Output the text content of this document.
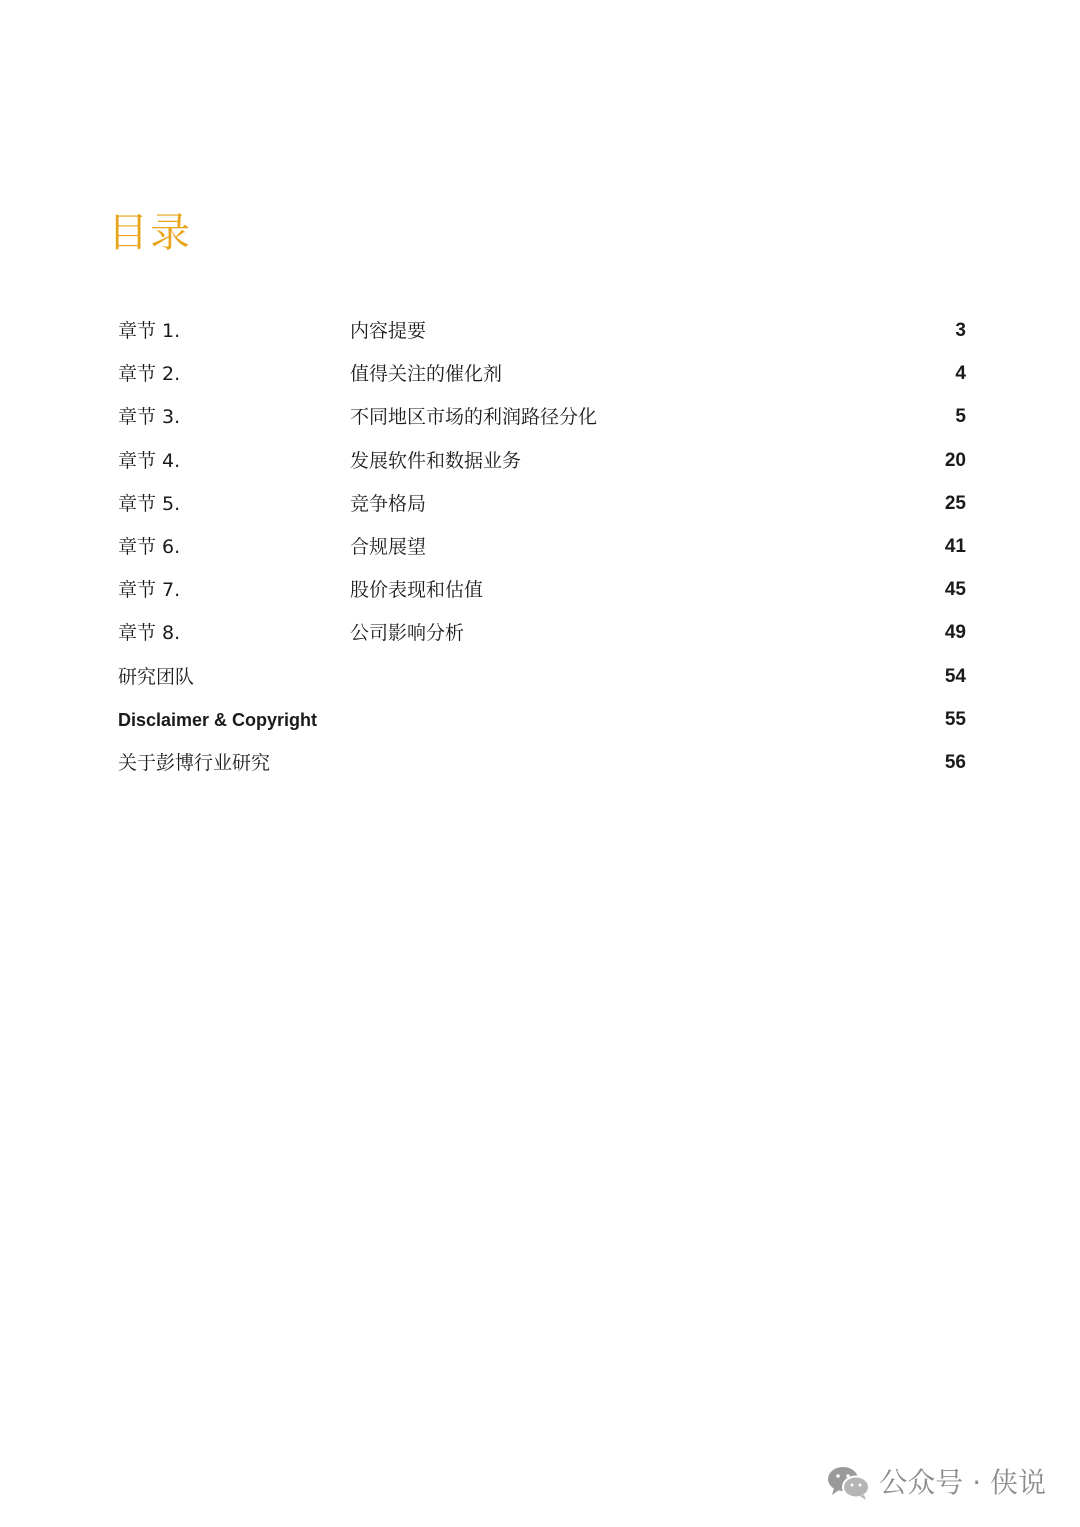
目录
章节 1.	内容提要	3
章节 2.	值得关注的催化剂	4
章节 3.	不同地区市场的利润路径分化	5
章节 4.	发展软件和数据业务	20
章节 5.	竞争格局	25
章节 6.	合规展望	41
章节 7.	股价表现和估值	45
章节 8.	公司影响分析	49
研究团队	54
Disclaimer & Copyright	55
关于彭博行业研究	56
公众号 · 侠说
